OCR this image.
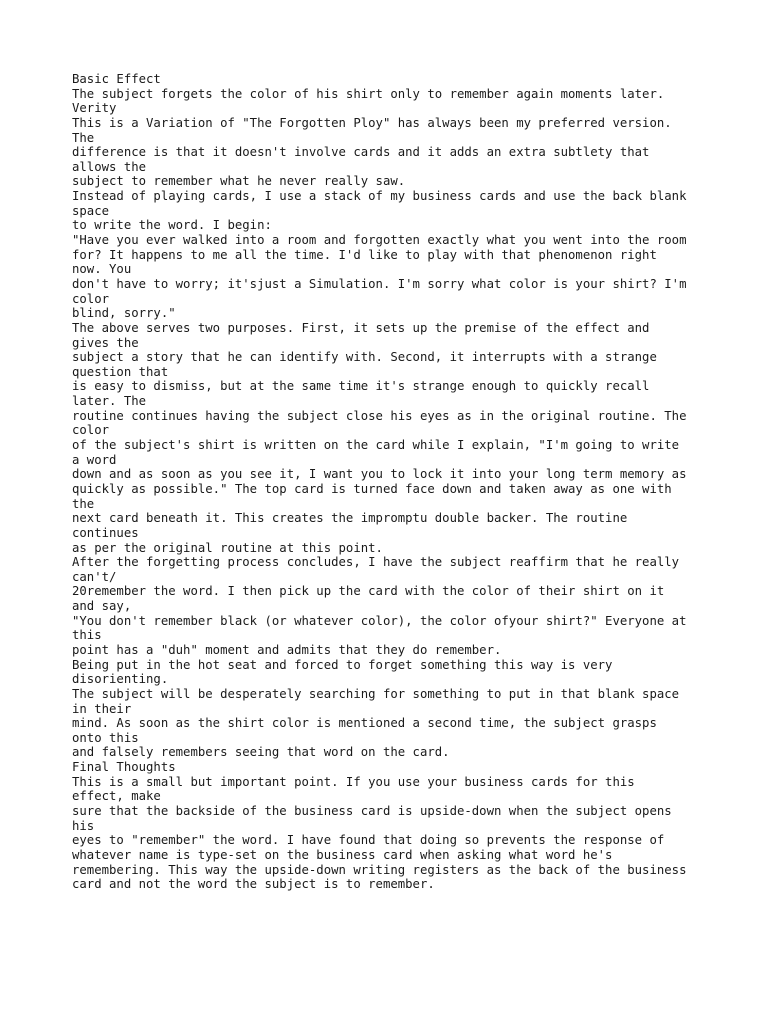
Basic Effect
The subject forgets the color of his shirt only to remember again moments later.
Verity
This is a Variation of "The Forgotten Ploy" has always been my preferred version.
The
difference is that it doesn't involve cards and it adds an extra subtlety that
allows the
subject to remember what he never really saw.
Instead of playing cards, I use a stack of my business cards and use the back blank
space
to write the word. I begin:
"Have you ever walked into a room and forgotten exactly what you went into the room
for? It happens to me all the time. I'd like to play with that phenomenon right
now. You
don't have to worry; it'sjust a Simulation. I'm sorry what color is your shirt? I'm
color
blind, sorry."
The above serves two purposes. First, it sets up the premise of the effect and
gives the
subject a story that he can identify with. Second, it interrupts with a strange
question that
is easy to dismiss, but at the same time it's strange enough to quickly recall
later. The
routine continues having the subject close his eyes as in the original routine. The
color
of the subject's shirt is written on the card while I explain, "I'm going to write
a word
down and as soon as you see it, I want you to lock it into your long term memory as
quickly as possible." The top card is turned face down and taken away as one with
the
next card beneath it. This creates the impromptu double backer. The routine
continues
as per the original routine at this point.
After the forgetting process concludes, I have the subject reaffirm that he really
can't/
20remember the word. I then pick up the card with the color of their shirt on it
and say,
"You don't remember black (or whatever color), the color ofyour shirt?" Everyone at
this
point has a "duh" moment and admits that they do remember.
Being put in the hot seat and forced to forget something this way is very
disorienting.
The subject will be desperately searching for something to put in that blank space
in their
mind. As soon as the shirt color is mentioned a second time, the subject grasps
onto this
and falsely remembers seeing that word on the card.
Final Thoughts
This is a small but important point. If you use your business cards for this
effect, make
sure that the backside of the business card is upside-down when the subject opens
his
eyes to "remember" the word. I have found that doing so prevents the response of
whatever name is type-set on the business card when asking what word he's
remembering. This way the upside-down writing registers as the back of the business
card and not the word the subject is to remember.
